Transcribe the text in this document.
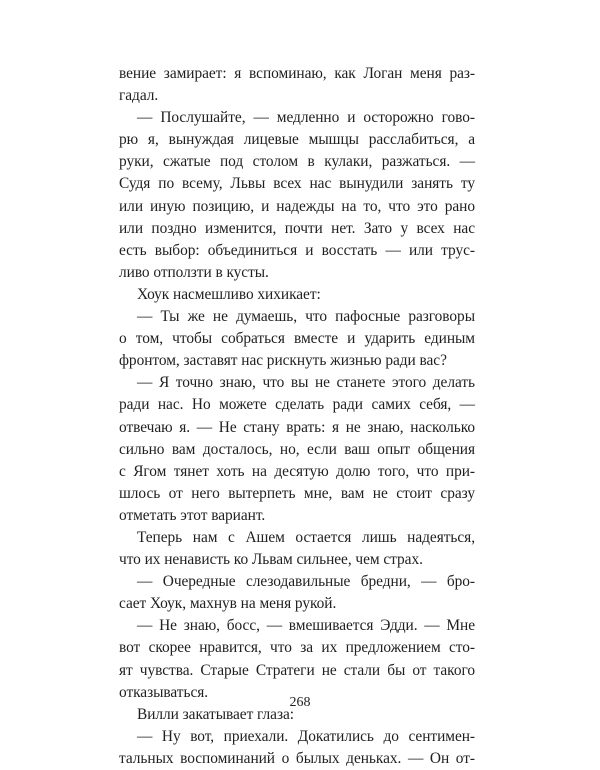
вение замирает: я вспоминаю, как Логан меня раз-
гадал.
— Послушайте, — медленно и осторожно гово-
рю я, вынуждая лицевые мышцы расслабиться, а
руки, сжатые под столом в кулаки, разжаться. —
Судя по всему, Львы всех нас вынудили занять ту
или иную позицию, и надежды на то, что это рано
или поздно изменится, почти нет. Зато у всех нас
есть выбор: объединиться и восстать — или трус-
ливо отползти в кусты.
Хоук насмешливо хихикает:
— Ты же не думаешь, что пафосные разговоры
о том, чтобы собраться вместе и ударить единым
фронтом, заставят нас рискнуть жизнью ради вас?
— Я точно знаю, что вы не станете этого делать
ради нас. Но можете сделать ради самих себя, —
отвечаю я. — Не стану врать: я не знаю, насколько
сильно вам досталось, но, если ваш опыт общения
с Ягом тянет хоть на десятую долю того, что при-
шлось от него вытерпеть мне, вам не стоит сразу
отметать этот вариант.
Теперь нам с Ашем остается лишь надеяться,
что их ненависть ко Львам сильнее, чем страх.
— Очередные слезодавильные бредни, — бро-
сает Хоук, махнув на меня рукой.
— Не знаю, босс, — вмешивается Эдди. — Мне
вот скорее нравится, что за их предложением сто-
ят чувства. Старые Стратеги не стали бы от такого
отказываться.
Вилли закатывает глаза:
— Ну вот, приехали. Докатились до сентимен-
тальных воспоминаний о былых деньках. — Он от-
268
